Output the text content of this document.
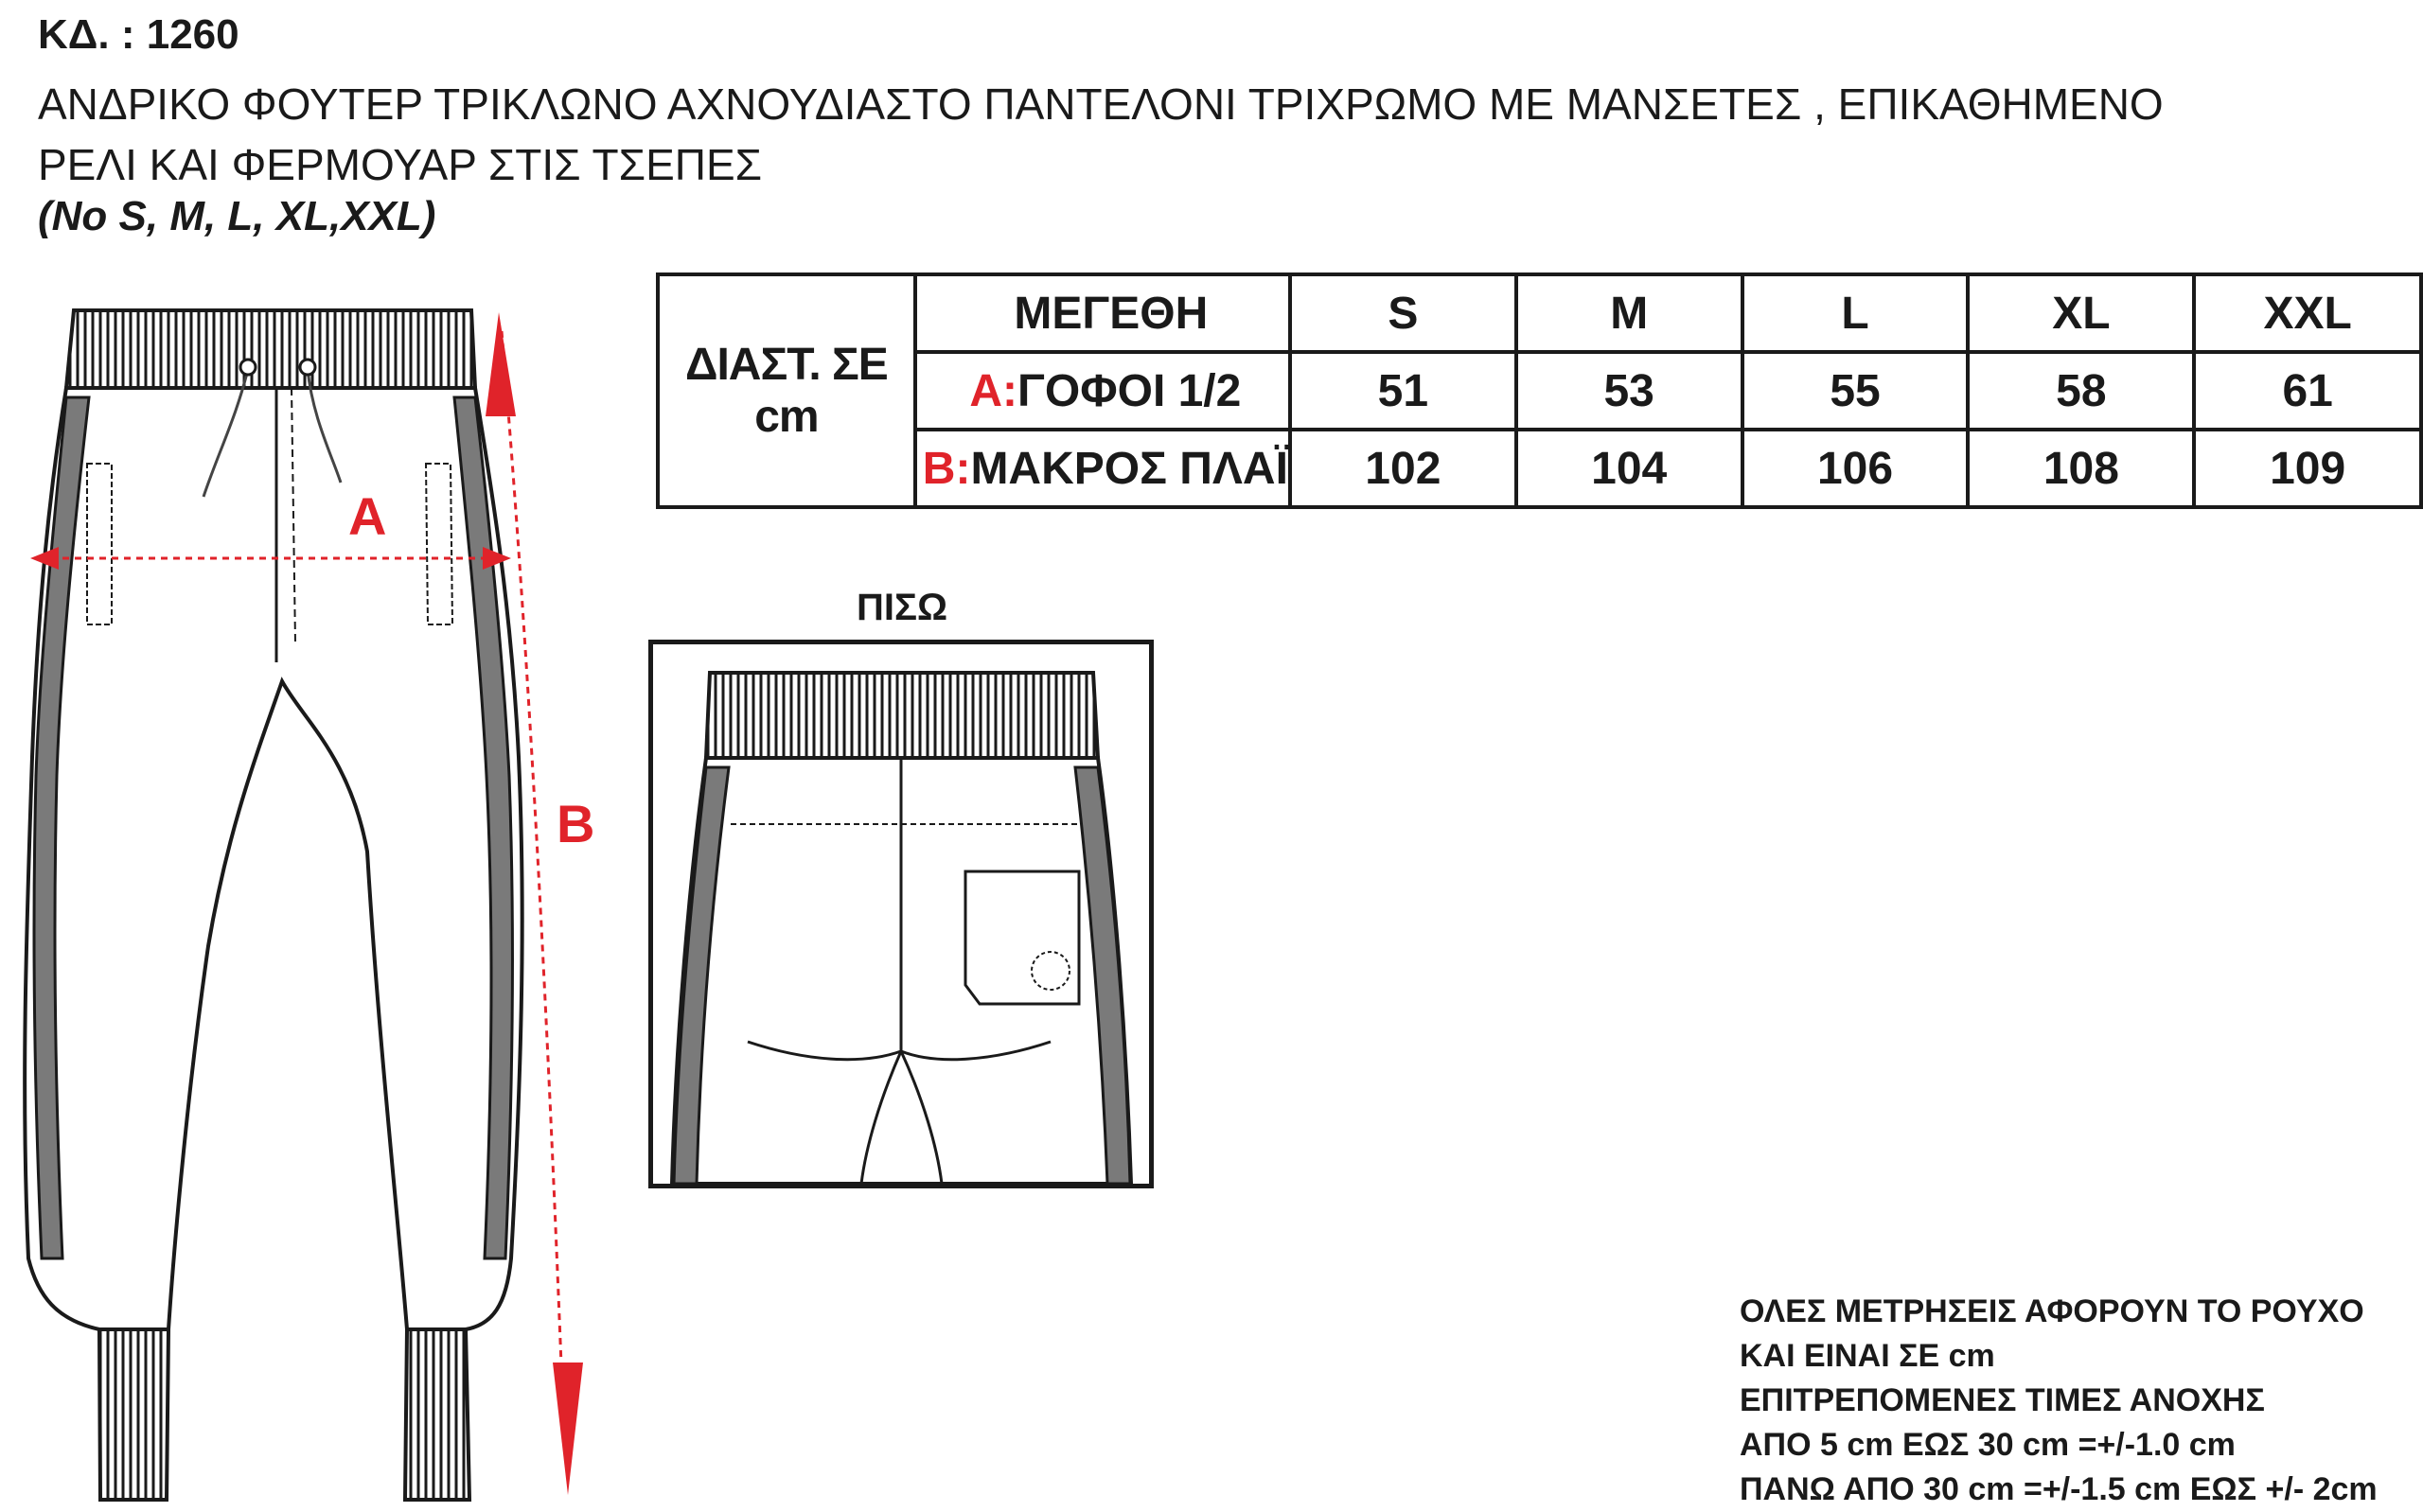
ΚΔ. : 1260
ΑΝΔΡΙΚΟ ΦΟΥΤΕΡ ΤΡΙΚΛΩΝΟ ΑΧΝΟΥΔΙΑΣΤΟ ΠΑΝΤΕΛΟΝΙ ΤΡΙΧΡΩΜΟ ΜΕ ΜΑΝΣΕΤΕΣ , ΕΠΙΚΑΘΗΜΕΝΟ ΡΕΛΙ ΚΑΙ ΦΕΡΜΟΥΑΡ ΣΤΙΣ ΤΣΕΠΕΣ
(No S, M, L, XL,XXL)
ΔΙΑΣΤ. ΣΕ cm	ΜΕΓΕΘΗ	S	M	L	XL	XXL
	A:ΓΟΦΟΙ 1/2	51	53	55	58	61
	B:ΜΑΚΡΟΣ ΠΛΑΪ	102	104	106	108	109
A
B
ΠΙΣΩ
ΟΛΕΣ ΜΕΤΡΗΣΕΙΣ ΑΦΟΡΟΥΝ ΤΟ ΡΟΥΧΟ
ΚΑΙ ΕΙΝΑΙ ΣΕ cm
ΕΠΙΤΡΕΠΟΜΕΝΕΣ ΤΙΜΕΣ ΑΝΟΧΗΣ
ΑΠΟ 5 cm ΕΩΣ 30 cm =+/-1.0 cm
ΠΑΝΩ ΑΠΟ 30 cm =+/-1.5 cm ΕΩΣ +/- 2cm
